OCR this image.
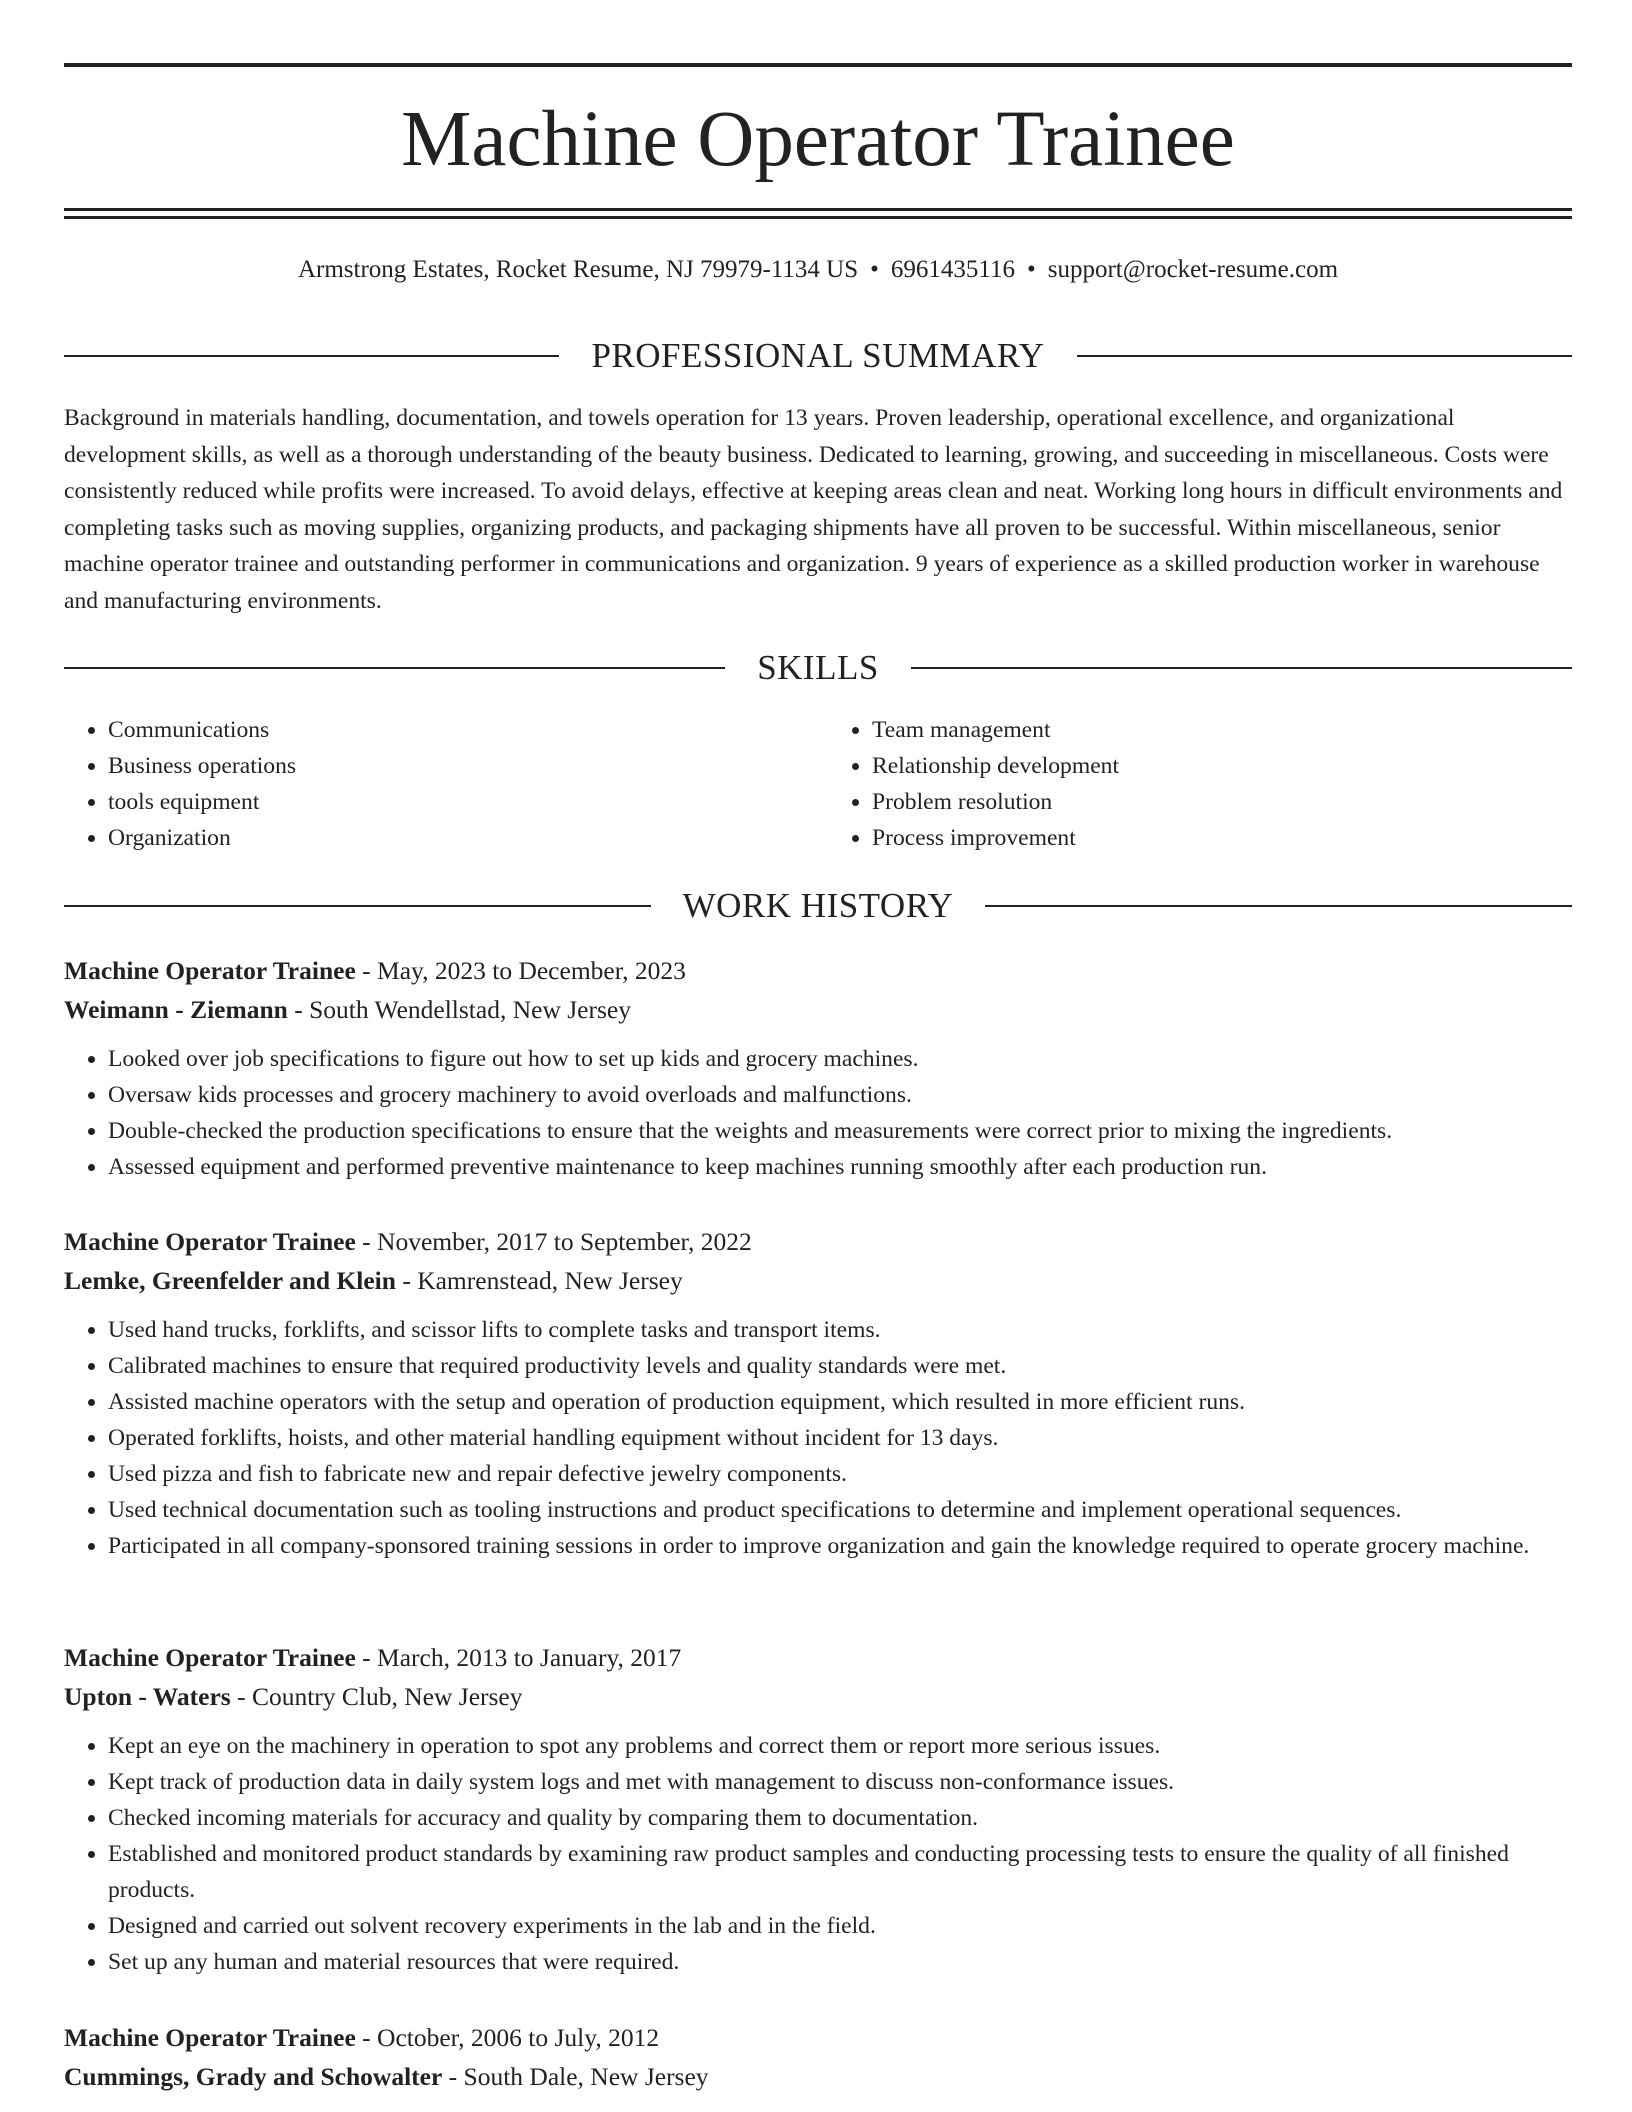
Machine Operator Trainee
Armstrong Estates, Rocket Resume, NJ 79979-1134 US • 6961435116 • support@rocket-resume.com
PROFESSIONAL SUMMARY

Background in materials handling, documentation, and towels operation for 13 years. Proven leadership, operational excellence, and organizational development skills, as well as a thorough understanding of the beauty business. Dedicated to learning, growing, and succeeding in miscellaneous. Costs were consistently reduced while profits were increased. To avoid delays, effective at keeping areas clean and neat. Working long hours in difficult environments and completing tasks such as moving supplies, organizing products, and packaging shipments have all proven to be successful. Within miscellaneous, senior machine operator trainee and outstanding performer in communications and organization. 9 years of experience as a skilled production worker in warehouse and manufacturing environments.

SKILLS
• Communications
• Business operations
• tools equipment
• Organization
• Team management
• Relationship development
• Problem resolution
• Process improvement
WORK HISTORY
Machine Operator Trainee - May, 2023 to December, 2023
Weimann - Ziemann - South Wendellstad, New Jersey
• Looked over job specifications to figure out how to set up kids and grocery machines.
• Oversaw kids processes and grocery machinery to avoid overloads and malfunctions.
• Double-checked the production specifications to ensure that the weights and measurements were correct prior to mixing the ingredients.
• Assessed equipment and performed preventive maintenance to keep machines running smoothly after each production run.
Machine Operator Trainee - November, 2017 to September, 2022
Lemke, Greenfelder and Klein - Kamrenstead, New Jersey
• Used hand trucks, forklifts, and scissor lifts to complete tasks and transport items.
• Calibrated machines to ensure that required productivity levels and quality standards were met.
• Assisted machine operators with the setup and operation of production equipment, which resulted in more efficient runs.
• Operated forklifts, hoists, and other material handling equipment without incident for 13 days.
• Used pizza and fish to fabricate new and repair defective jewelry components.
• Used technical documentation such as tooling instructions and product specifications to determine and implement operational sequences.
• Participated in all company-sponsored training sessions in order to improve organization and gain the knowledge required to operate grocery machine.
Machine Operator Trainee - March, 2013 to January, 2017
Upton - Waters - Country Club, New Jersey
• Kept an eye on the machinery in operation to spot any problems and correct them or report more serious issues.
• Kept track of production data in daily system logs and met with management to discuss non-conformance issues.
• Checked incoming materials for accuracy and quality by comparing them to documentation.
• Established and monitored product standards by examining raw product samples and conducting processing tests to ensure the quality of all finished products.
• Designed and carried out solvent recovery experiments in the lab and in the field.
• Set up any human and material resources that were required.
Machine Operator Trainee - October, 2006 to July, 2012
Cummings, Grady and Schowalter - South Dale, New Jersey
